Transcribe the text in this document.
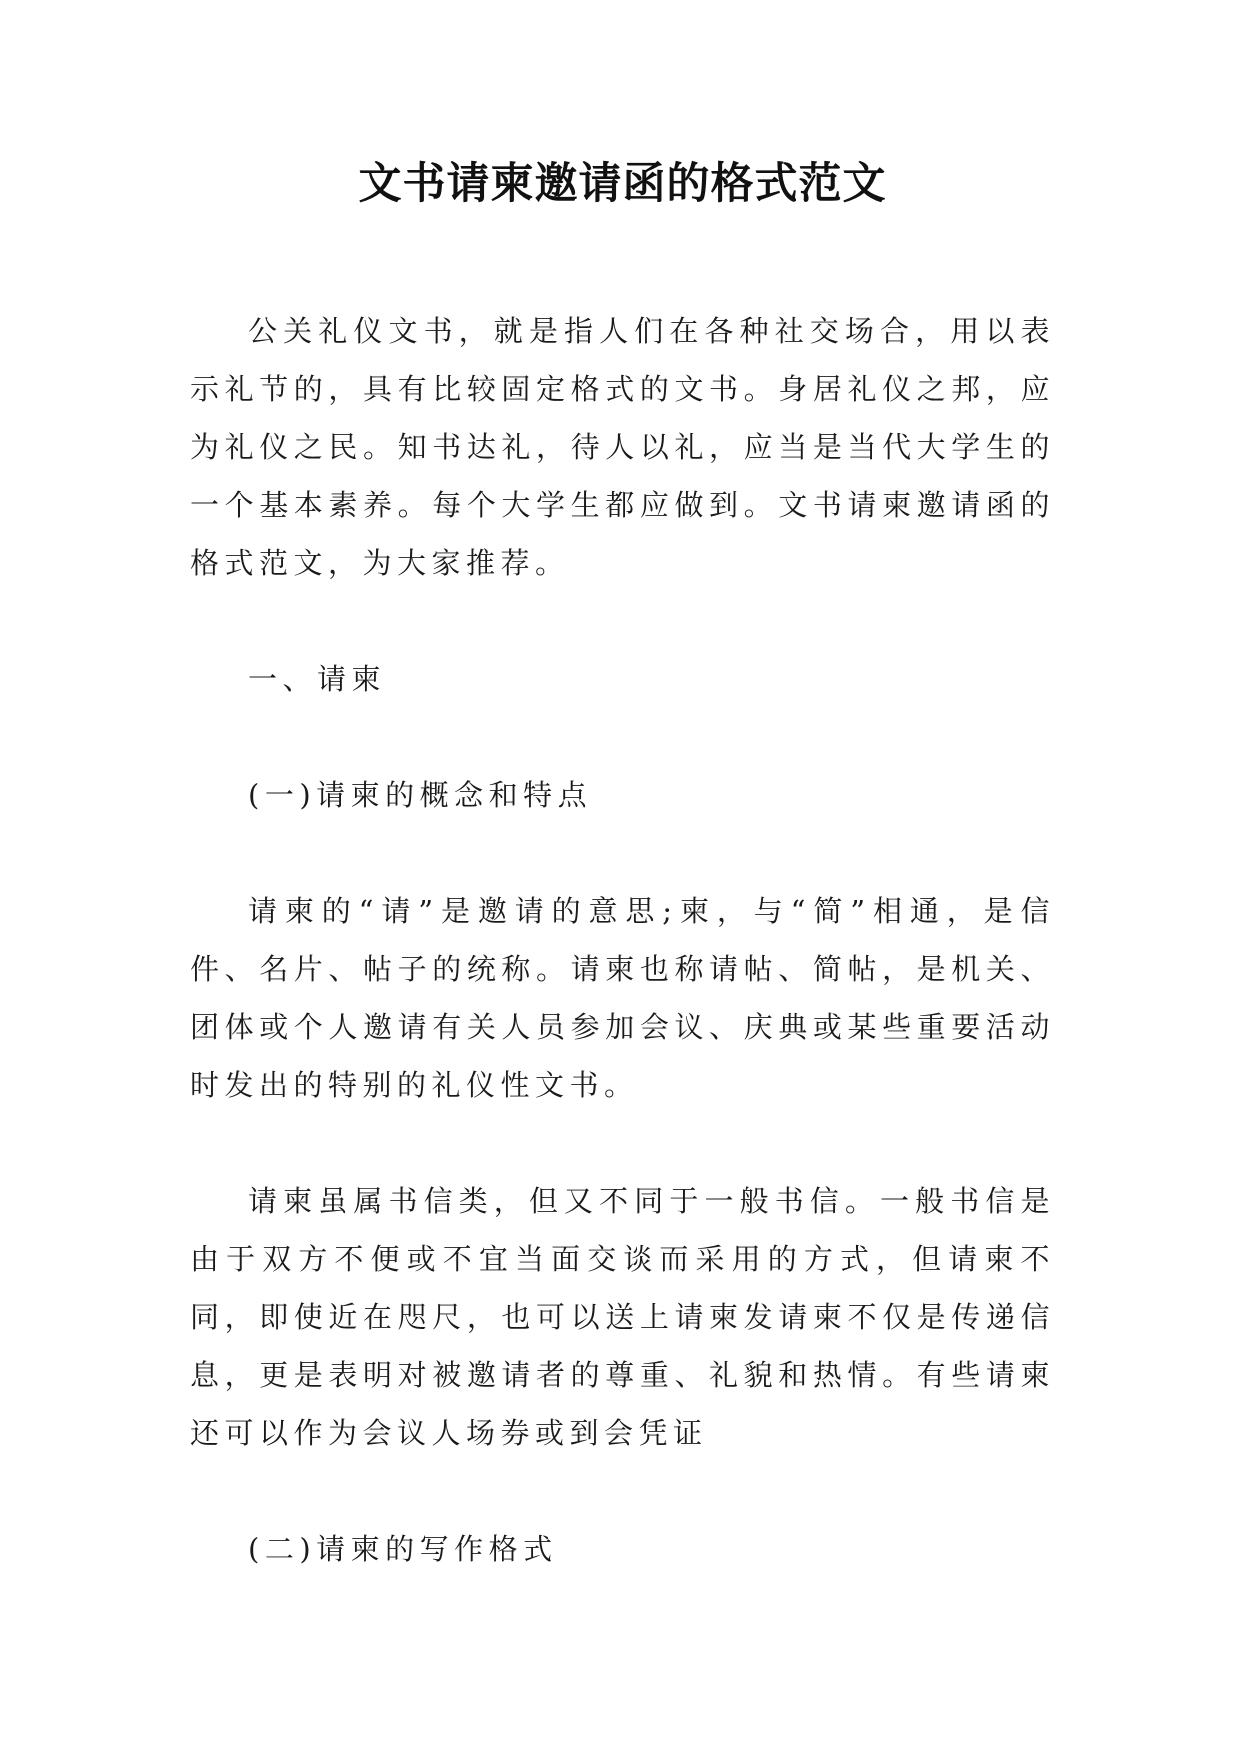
文书请柬邀请函的格式范文

公关礼仪文书，就是指人们在各种社交场合，用以表示礼节的，具有比较固定格式的文书。身居礼仪之邦，应为礼仪之民。知书达礼，待人以礼，应当是当代大学生的一个基本素养。每个大学生都应做到。文书请柬邀请函的格式范文，为大家推荐。

一、请柬

(一)请柬的概念和特点

请柬的“请”是邀请的意思;柬，与“简”相通，是信件、名片、帖子的统称。请柬也称请帖、简帖，是机关、团体或个人邀请有关人员参加会议、庆典或某些重要活动时发出的特别的礼仪性文书。

请柬虽属书信类，但又不同于一般书信。一般书信是由于双方不便或不宜当面交谈而采用的方式，但请柬不同，即使近在咫尺，也可以送上请柬发请柬不仅是传递信息，更是表明对被邀请者的尊重、礼貌和热情。有些请柬还可以作为会议人场券或到会凭证

(二)请柬的写作格式
